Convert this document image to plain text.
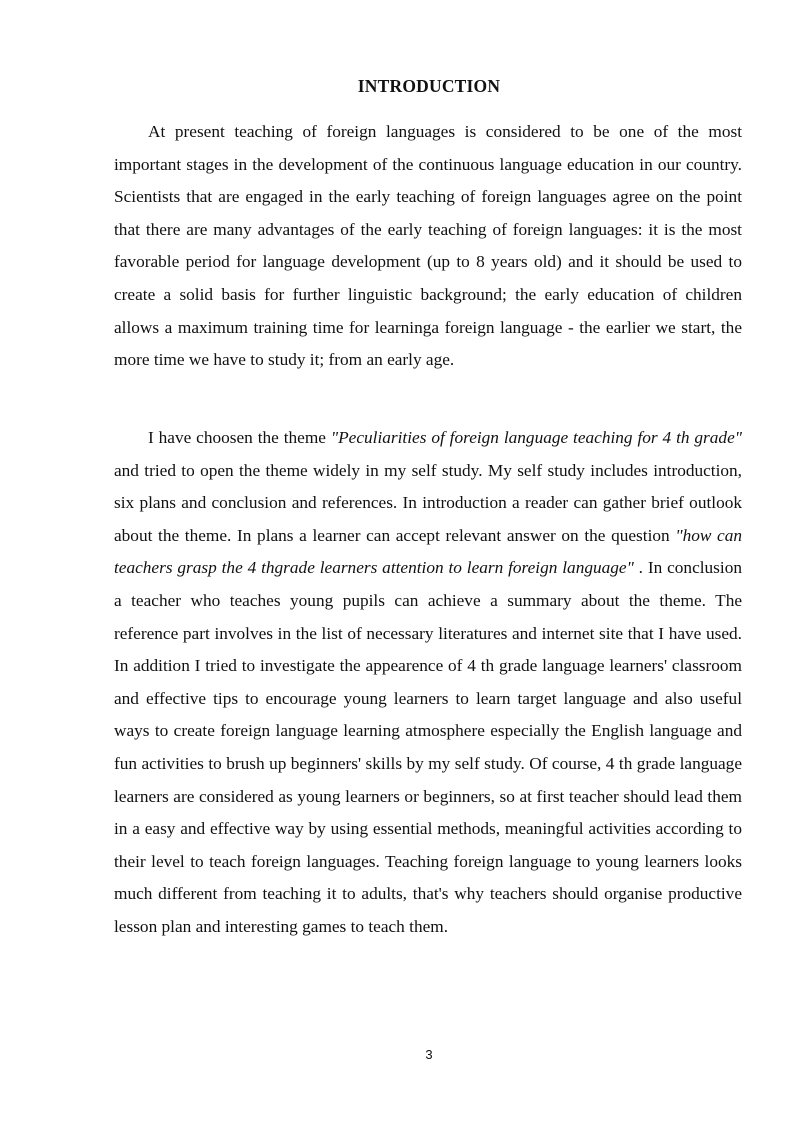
INTRODUCTION

At present teaching of foreign languages is considered to be one of the most important stages in the development of the continuous language education in our country. Scientists that are engaged in the early teaching of foreign languages agree on the point that there are many advantages of the early teaching of foreign languages: it is the most favorable period for language development (up to 8 years old) and it should be used to create a solid basis for further linguistic background; the early education of children allows a maximum training time for learninga foreign language - the earlier we start, the more time we have to study it; from an early age.

I have choosen the theme "Peculiarities of foreign language teaching for 4 th grade" and tried to open the theme widely in my self study. My self study includes introduction, six plans and conclusion and references. In introduction a reader can gather brief outlook about the theme. In plans a learner can accept relevant answer on the question "how can teachers grasp the 4 thgrade learners attention to learn foreign language" . In conclusion a teacher who teaches young pupils can achieve a summary about the theme. The reference part involves in the list of necessary literatures and internet site that I have used. In addition I tried to investigate the appearence of 4 th grade language learners' classroom and effective tips to encourage young learners to learn target language and also useful ways to create foreign language learning atmosphere especially the English language and fun activities to brush up beginners' skills by my self study. Of course, 4 th grade language learners are considered as young learners or beginners, so at first teacher should lead them in a easy and effective way by using essential methods, meaningful activities according to their level to teach foreign languages. Teaching foreign language to young learners looks much different from teaching it to adults, that's why teachers should organise productive lesson plan and interesting games to teach them.

3
